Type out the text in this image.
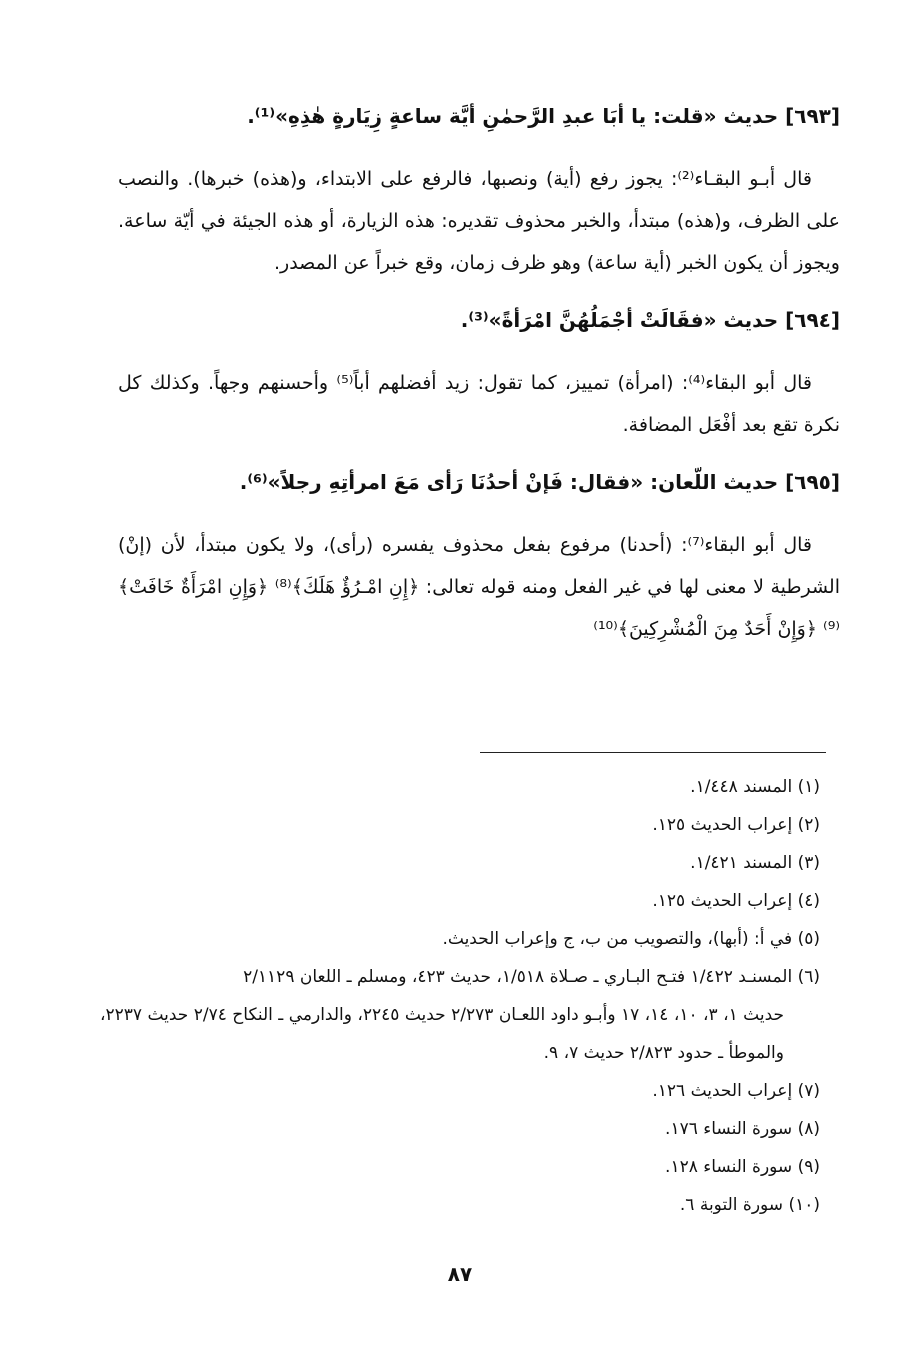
[٦٩٣] حديث «قلت: يا أبَا عبدِ الرَّحمٰنِ أيَّة ساعةٍ زِيَارةٍ هٰذِهِ»⁽¹⁾.

قال أبـو البقـاء⁽²⁾: يجوز رفع (أية) ونصبها، فالرفع على الابتداء، و(هذه) خبرها). والنصب على الظرف، و(هذه) مبتدأ، والخبر محذوف تقديره: هذه الزيارة، أو هذه الجيئة في أيّة ساعة. ويجوز أن يكون الخبر (أية ساعة) وهو ظرف زمان، وقع خبراً عن المصدر.

[٦٩٤] حديث «فقَالَتْ أجْمَلُهُنَّ امْرَأةً»⁽³⁾.

قال أبو البقاء⁽⁴⁾: (امرأة) تمييز، كما تقول: زيد أفضلهم أباً⁽⁵⁾ وأحسنهم وجهاً. وكذلك كل نكرة تقع بعد أفْعَل المضافة.

[٦٩٥] حديث اللّعان: «فقال: فَإنْ أحدُنَا رَأى مَعَ امرأتِهِ رجلاً»⁽⁶⁾.

قال أبو البقاء⁽⁷⁾: (أحدنا) مرفوع بفعل محذوف يفسره (رأى)، ولا يكون مبتدأ، لأن (إنْ) الشرطية لا معنى لها في غير الفعل ومنه قوله تعالى: ﴿إِنِ امْـرُؤٌ هَلَكَ﴾⁽⁸⁾ ﴿وَإِنِ امْرَأَةٌ خَافَتْ﴾⁽⁹⁾ ﴿وَإِنْ أَحَدٌ مِنَ الْمُشْرِكِينَ﴾⁽¹⁰⁾

(١) المسند ١/٤٤٨.

(٢) إعراب الحديث ١٢٥.

(٣) المسند ١/٤٢١.

(٤) إعراب الحديث ١٢٥.

(٥) في أ: (أبها)، والتصويب من ب، ج وإعراب الحديث.

(٦) المسنـد ١/٤٢٢ فتـح البـاري ـ صـلاة ١/٥١٨، حديث ٤٢٣، ومسلم ـ اللعان ٢/١١٢٩
حديث ١، ٣، ١٠، ١٤، ١٧ وأبـو داود اللعـان ٢/٢٧٣ حديث ٢٢٤٥، والدارمي ـ النكاح ٢/٧٤ حديث ٢٢٣٧، والموطأ ـ حدود ٢/٨٢٣ حديث ٧، ٩.

(٧) إعراب الحديث ١٢٦.

(٨) سورة النساء ١٧٦.

(٩) سورة النساء ١٢٨.

(١٠) سورة التوبة ٦.

٨٧
